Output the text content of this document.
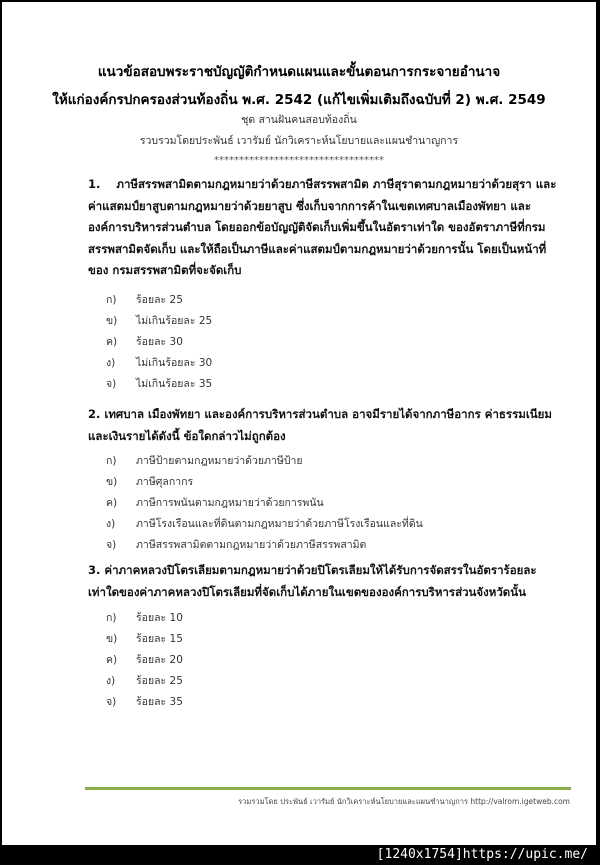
แนวข้อสอบพระราชบัญญัติกำหนดแผนและขั้นตอนการกระจายอำนาจ
ให้แก่องค์กรปกครองส่วนท้องถิ่น พ.ศ. 2542 (แก้ไขเพิ่มเติมถึงฉบับที่ 2) พ.ศ. 2549
ชุด สานฝันคนสอบท้องถิ่น
รวบรวมโดยประพันธ์ เวารัมย์ นักวิเคราะห์นโยบายและแผนชำนาญการ
**********************************
1. ภาษีสรรพสามิตตามกฎหมายว่าด้วยภาษีสรรพสามิต ภาษีสุราตามกฎหมายว่าด้วยสุรา และค่าแสตมป์ยาสูบตามกฎหมายว่าด้วยยาสูบ ซึ่งเก็บจากการค้าในเขตเทศบาลเมืองพัทยา และองค์การบริหารส่วนตำบล โดยออกข้อบัญญัติจัดเก็บเพิ่มขึ้นในอัตราเท่าใด ของอัตราภาษีที่กรมสรรพสามิตจัดเก็บ และให้ถือเป็นภาษีและค่าแสตมป์ตามกฎหมายว่าด้วยการนั้น โดยเป็นหน้าที่ของ กรมสรรพสามิตที่จะจัดเก็บ
ก) ร้อยละ 25
ข) ไม่เกินร้อยละ 25
ค) ร้อยละ 30
ง) ไม่เกินร้อยละ 30
จ) ไม่เกินร้อยละ 35
2. เทศบาล เมืองพัทยา และองค์การบริหารส่วนตำบล อาจมีรายได้จากภาษีอากร ค่าธรรมเนียมและเงินรายได้ดังนี้ ข้อใดกล่าวไม่ถูกต้อง
ก) ภาษีป้ายตามกฎหมายว่าด้วยภาษีป้าย
ข) ภาษีศุลกากร
ค) ภาษีการพนันตามกฎหมายว่าด้วยการพนัน
ง) ภาษีโรงเรือนและที่ดินตามกฎหมายว่าด้วยภาษีโรงเรือนและที่ดิน
จ) ภาษีสรรพสามิตตามกฎหมายว่าด้วยภาษีสรรพสามิต
3. ค่าภาคหลวงปิโตรเลียมตามกฎหมายว่าด้วยปิโตรเลียมให้ได้รับการจัดสรรในอัตราร้อยละเท่าใดของค่าภาคหลวงปิโตรเลียมที่จัดเก็บได้ภายในเขตขององค์การบริหารส่วนจังหวัดนั้น
ก) ร้อยละ 10
ข) ร้อยละ 15
ค) ร้อยละ 20
ง) ร้อยละ 25
จ) ร้อยละ 35
รวมรวมโดย ประพันธ์ เวารัมย์ นักวิเคราะห์นโยบายและแผนชำนาญการ http://valrom.igetweb.com
[1240x1754]https://upic.me/
